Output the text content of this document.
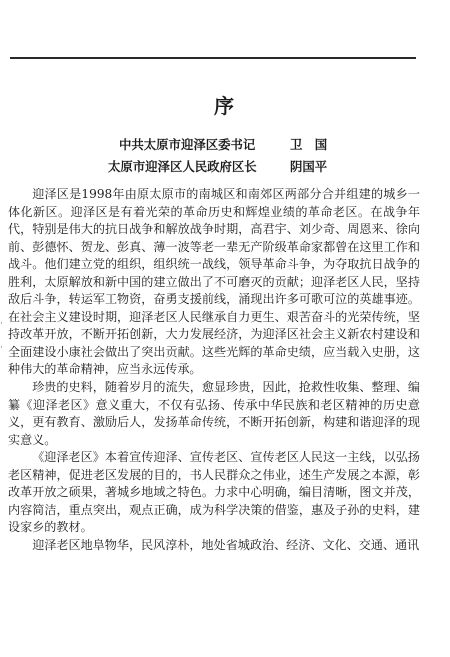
序
中共太原市迎泽区委书记	卫　国
太原市迎泽区人民政府区长	阴国平
·

·

迎泽区是1998年由原太原市的南城区和南郊区两部分合并组建的城乡一体化新区。迎泽区是有着光荣的革命历史和辉煌业绩的革命老区。在战争年代，特别是伟大的抗日战争和解放战争时期，高君宇、刘少奇、周恩来、徐向前、彭德怀、贺龙、彭真、薄一波等老一辈无产阶级革命家都曾在这里工作和战斗。他们建立党的组织，组织统一战线，领导革命斗争，为夺取抗日战争的胜利，太原解放和新中国的建立做出了不可磨灭的贡献；迎泽老区人民，坚持敌后斗争，转运军工物资，奋勇支援前线，涌现出许多可歌可泣的英雄事迹。在社会主义建设时期，迎泽老区人民继承自力更生、艰苦奋斗的光荣传统，坚持改革开放，不断开拓创新，大力发展经济，为迎泽区社会主义新农村建设和全面建设小康社会做出了突出贡献。这些光辉的革命史绩，应当载入史册，这种伟大的革命精神，应当永远传承。

珍贵的史料，随着岁月的流失，愈显珍贵，因此，抢救性收集、整理、编纂《迎泽老区》意义重大，不仅有弘扬、传承中华民族和老区精神的历史意义，更有教育、激励后人，发扬革命传统，不断开拓创新，构建和谐迎泽的现实意义。

《迎泽老区》本着宣传迎泽、宣传老区、宣传老区人民这一主线，以弘扬老区精神，促进老区发展的目的，书人民群众之伟业，述生产发展之本源，彰改革开放之硕果，著城乡地域之特色。力求中心明确，编目清晰，图文并茂，内容简洁，重点突出，观点正确，成为科学决策的借鉴，惠及子孙的史料，建设家乡的教材。

迎泽老区地阜物华，民风淳朴，地处省城政治、经济、文化、交通、通讯
